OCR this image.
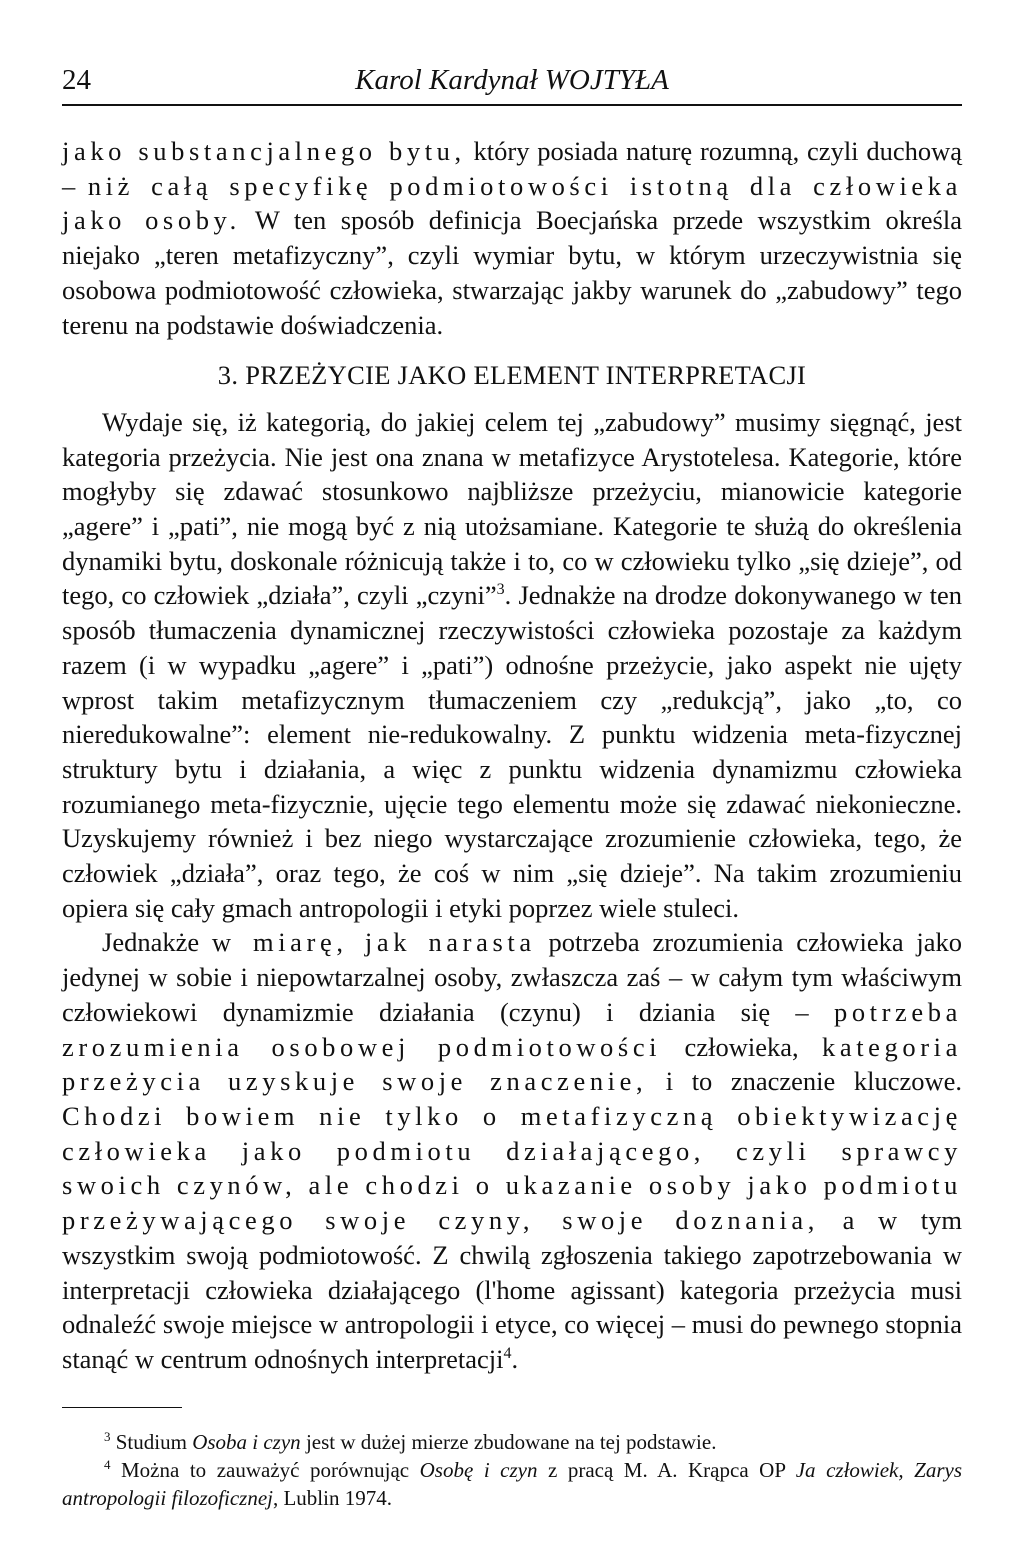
24	Karol Kardynał WOJTYŁA

jako substancjalnego bytu, który posiada naturę rozumną, czyli duchową – niż całą specyfikę podmiotowości istotną dla człowieka jako osoby. W ten sposób definicja Boecjańska przede wszystkim określa niejako „teren metafizyczny”, czyli wymiar bytu, w którym urzeczywistnia się osobowa podmiotowość człowieka, stwarzając jakby warunek do „zabudowy” tego terenu na podstawie doświadczenia.

3. PRZEŻYCIE JAKO ELEMENT INTERPRETACJI

Wydaje się, iż kategorią, do jakiej celem tej „zabudowy” musimy sięgnąć, jest kategoria przeżycia. Nie jest ona znana w metafizyce Arystotelesa. Kategorie, które mogłyby się zdawać stosunkowo najbliższe przeżyciu, mianowicie kategorie „agere” i „pati”, nie mogą być z nią utożsamiane. Kategorie te służą do określenia dynamiki bytu, doskonale różnicują także i to, co w człowieku tylko „się dzieje”, od tego, co człowiek „działa”, czyli „czyni”$^3$. Jednakże na drodze dokonywanego w ten sposób tłumaczenia dynamicznej rzeczywistości człowieka pozostaje za każdym razem (i w wypadku „agere” i „pati”) odnośne przeżycie, jako aspekt nie ujęty wprost takim metafizycznym tłumaczeniem czy „redukcją”, jako „to, co nieredukowalne”: element nie-redukowalny. Z punktu widzenia meta-fizycznej struktury bytu i działania, a więc z punktu widzenia dynamizmu człowieka rozumianego meta-fizycznie, ujęcie tego elementu może się zdawać niekonieczne. Uzyskujemy również i bez niego wystarczające zrozumienie człowieka, tego, że człowiek „działa”, oraz tego, że coś w nim „się dzieje”. Na takim zrozumieniu opiera się cały gmach antropologii i etyki poprzez wiele stuleci.

Jednakże w miarę, jak narasta potrzeba zrozumienia człowieka jako jedynej w sobie i niepowtarzalnej osoby, zwłaszcza zaś – w całym tym właściwym człowiekowi dynamizmie działania (czynu) i dziania się – potrzeba zrozumienia osobowej podmiotowości człowieka, kategoria przeżycia uzyskuje swoje znaczenie, i to znaczenie kluczowe. Chodzi bowiem nie tylko o metafizyczną obiektywizację człowieka jako podmiotu działającego, czyli sprawcy swoich czynów, ale chodzi o ukazanie osoby jako podmiotu przeżywającego swoje czyny, swoje doznania, a w tym wszystkim swoją podmiotowość. Z chwilą zgłoszenia takiego zapotrzebowania w interpretacji człowieka działającego (l'home agissant) kategoria przeżycia musi odnaleźć swoje miejsce w antropologii i etyce, co więcej – musi do pewnego stopnia stanąć w centrum odnośnych interpretacji$^4$.

$^3$ Studium Osoba i czyn jest w dużej mierze zbudowane na tej podstawie.

$^4$ Można to zauważyć porównując Osobę i czyn z pracą M. A. Krąpca OP Ja człowiek, Zarys antropologii filozoficznej, Lublin 1974.
